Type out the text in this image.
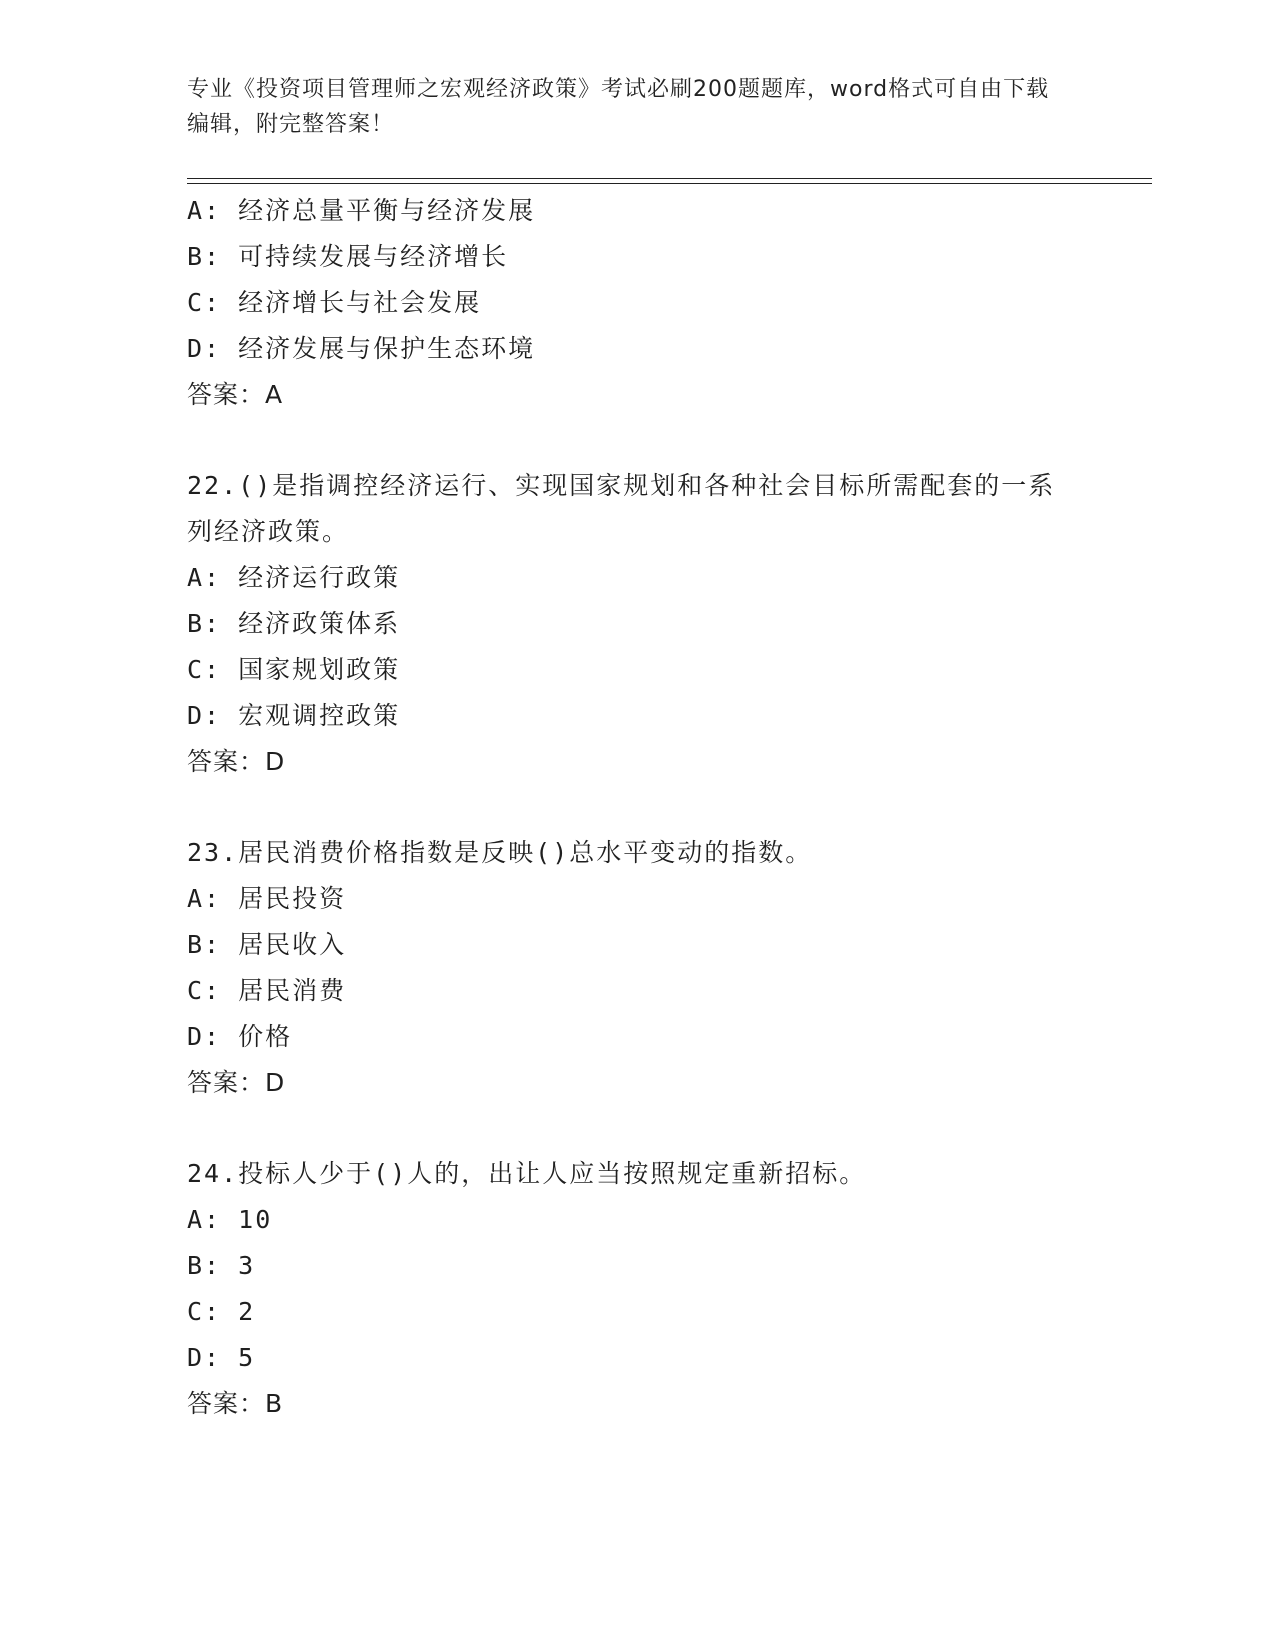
专业《投资项目管理师之宏观经济政策》考试必刷200题题库，word格式可自由下载编辑，附完整答案！
A: 经济总量平衡与经济发展
B: 可持续发展与经济增长
C: 经济增长与社会发展
D: 经济发展与保护生态环境
答案：A
22.()是指调控经济运行、实现国家规划和各种社会目标所需配套的一系列经济政策。
A: 经济运行政策
B: 经济政策体系
C: 国家规划政策
D: 宏观调控政策
答案：D
23.居民消费价格指数是反映()总水平变动的指数。
A: 居民投资
B: 居民收入
C: 居民消费
D: 价格
答案：D
24.投标人少于()人的，出让人应当按照规定重新招标。
A: 10
B: 3
C: 2
D: 5
答案：B
